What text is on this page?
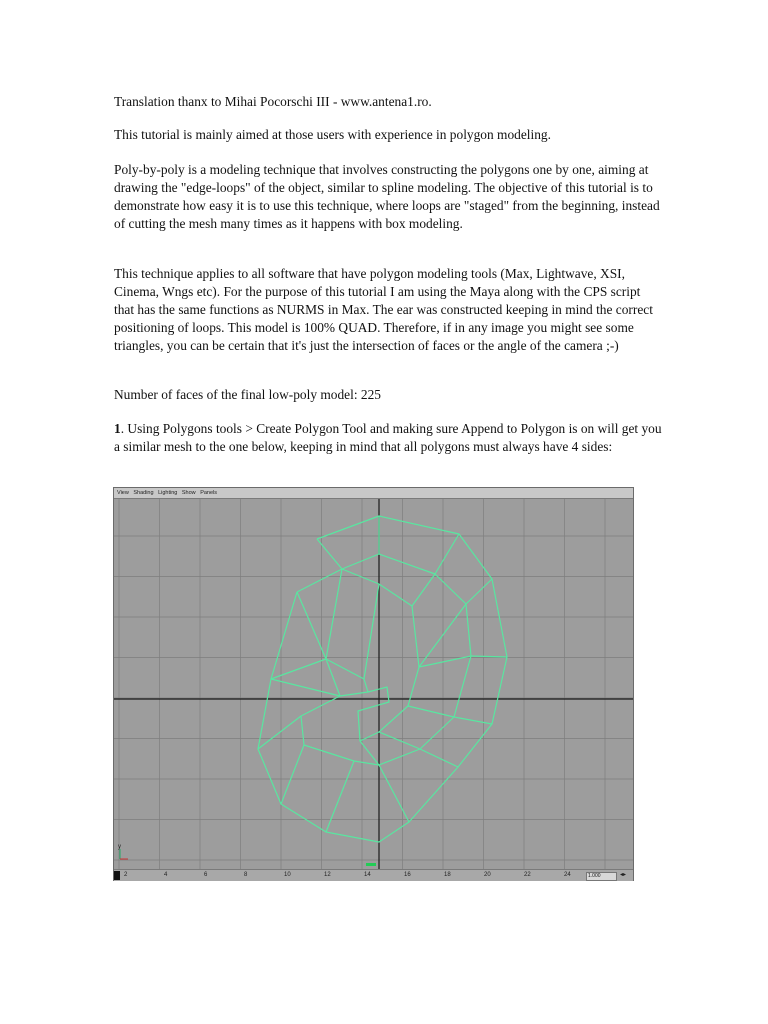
Translation thanx to Mihai Pocorschi III - www.antena1.ro.

This tutorial is mainly aimed at those users with experience in polygon modeling.

Poly-by-poly is a modeling technique that involves constructing the polygons one by one, aiming at drawing the "edge-loops" of the object, similar to spline modeling. The objective of this tutorial is to demonstrate how easy it is to use this technique, where loops are "staged" from the beginning, instead of cutting the mesh many times as it happens with box modeling.

This technique applies to all software that have polygon modeling tools (Max, Lightwave, XSI, Cinema, Wngs etc). For the purpose of this tutorial I am using the Maya along with the CPS script that has the same functions as NURMS in Max. The ear was constructed keeping in mind the correct positioning of loops. This model is 100% QUAD. Therefore, if in any image you might see some triangles, you can be certain that it's just the intersection of faces or the angle of the camera ;-)

Number of faces of the final low-poly model: 225

1. Using Polygons tools > Create Polygon Tool and making sure Append to Polygon is on will get you a similar mesh to the one below, keeping in mind that all polygons must always have 4 sides:

View Shading Lighting Show Panels
y
2	4	6	8	10	12	14	16	18	20	22	24	1.000	◂▸
